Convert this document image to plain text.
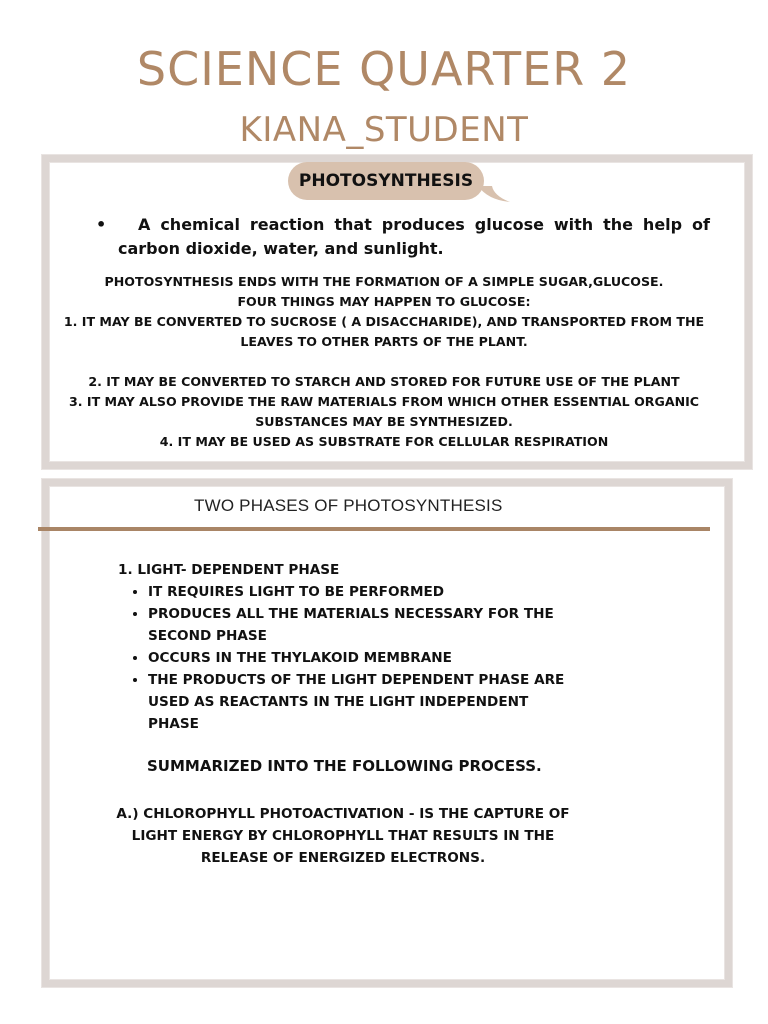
SCIENCE QUARTER 2
KIANA_STUDENT
PHOTOSYNTHESIS
•	A chemical reaction that produces glucose with the help of carbon dioxide, water, and sunlight.
PHOTOSYNTHESIS ENDS WITH THE FORMATION OF A SIMPLE SUGAR,GLUCOSE.
FOUR THINGS MAY HAPPEN TO GLUCOSE:
1. IT MAY BE CONVERTED TO SUCROSE ( A DISACCHARIDE), AND TRANSPORTED FROM THE LEAVES TO OTHER PARTS OF THE PLANT.
2. IT MAY BE CONVERTED TO STARCH AND STORED FOR FUTURE USE OF THE PLANT
3. IT MAY ALSO PROVIDE THE RAW MATERIALS FROM WHICH OTHER ESSENTIAL ORGANIC SUBSTANCES MAY BE SYNTHESIZED.
4. IT MAY BE USED AS SUBSTRATE FOR CELLULAR RESPIRATION
TWO PHASES OF PHOTOSYNTHESIS
1. LIGHT- DEPENDENT PHASE
• IT REQUIRES LIGHT TO BE PERFORMED
• PRODUCES ALL THE MATERIALS NECESSARY FOR THE SECOND PHASE
• OCCURS IN THE THYLAKOID MEMBRANE
• THE PRODUCTS OF THE LIGHT DEPENDENT PHASE ARE USED AS REACTANTS IN THE LIGHT INDEPENDENT PHASE
SUMMARIZED INTO THE FOLLOWING PROCESS.
A.) CHLOROPHYLL PHOTOACTIVATION - IS THE CAPTURE OF LIGHT ENERGY BY CHLOROPHYLL THAT RESULTS IN THE RELEASE OF ENERGIZED ELECTRONS.
